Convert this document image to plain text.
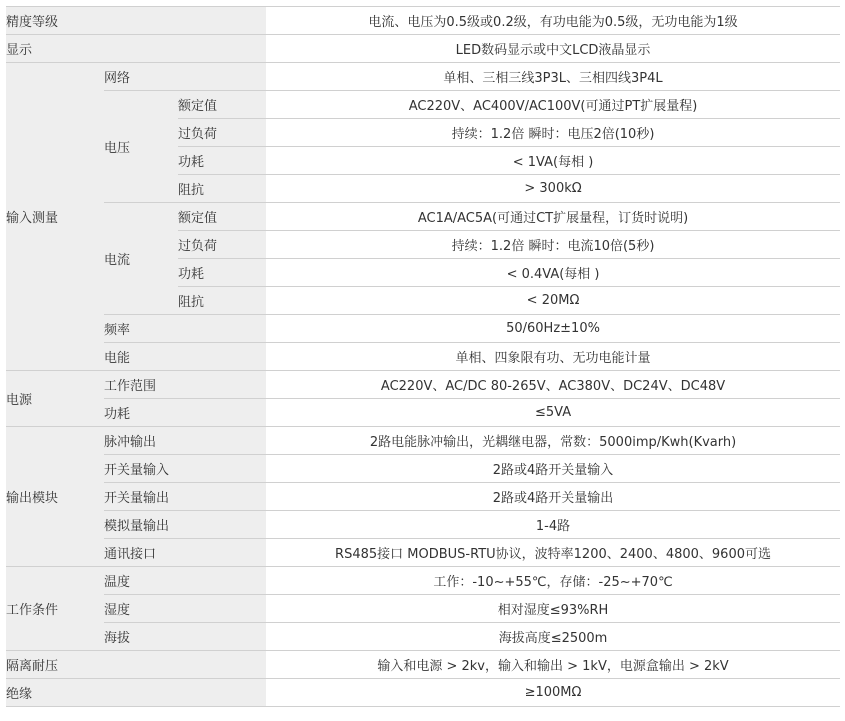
精度等级			电流、电压为0.5级或0.2级，有功电能为0.5级，无功电能为1级
显示			LED数码显示或中文LCD液晶显示
输入测量	网络		单相、三相三线3P3L、三相四线3P4L
	电压	额定值	AC220V、AC400V/AC100V(可通过PT扩展量程)
		过负荷	持续：1.2倍 瞬时：电压2倍(10秒)
		功耗	< 1VA(每相 )
		阻抗	> 300kΩ
	电流	额定值	AC1A/AC5A(可通过CT扩展量程，订货时说明)
		过负荷	持续：1.2倍 瞬时：电流10倍(5秒)
		功耗	< 0.4VA(每相 )
		阻抗	< 20MΩ
	频率		50/60Hz±10%
	电能		单相、四象限有功、无功电能计量
电源	工作范围		AC220V、AC/DC 80-265V、AC380V、DC24V、DC48V
	功耗		≤5VA
输出模块	脉冲输出		2路电能脉冲输出，光耦继电器，常数：5000imp/Kwh(Kvarh)
	开关量输入		2路或4路开关量输入
	开关量输出		2路或4路开关量输出
	模拟量输出		1-4路
	通讯接口		RS485接口 MODBUS-RTU协议，波特率1200、2400、4800、9600可选
工作条件	温度		工作：-10~+55℃，存储：-25~+70℃
	湿度		相对湿度≤93%RH
	海拔		海拔高度≤2500m
隔离耐压			输入和电源 > 2kv，输入和输出 > 1kV，电源盒输出 > 2kV
绝缘			≥100MΩ
